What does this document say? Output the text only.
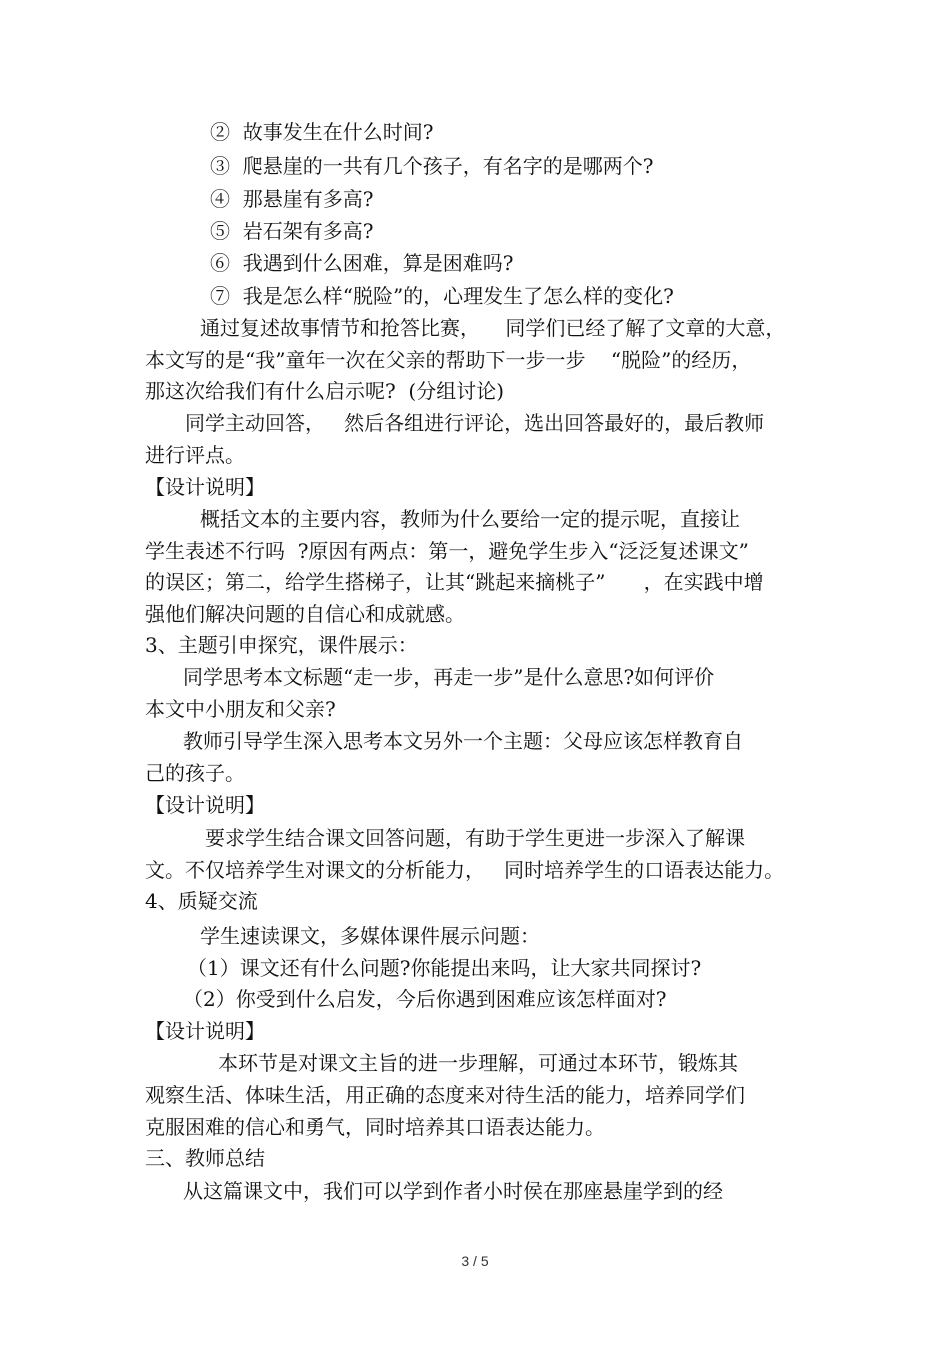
②  故事发生在什么时间?
③  爬悬崖的一共有几个孩子，有名字的是哪两个?
④  那悬崖有多高?
⑤  岩石架有多高?
⑥  我遇到什么困难，算是困难吗?
⑦  我是怎么样“脱险”的，心理发生了怎么样的变化?
通过复述故事情节和抢答比赛，    同学们已经了解了文章的大意，
本文写的是“我”童年一次在父亲的帮助下一步一步    “脱险”的经历，
那这次给我们有什么启示呢?  (分组讨论)
同学主动回答，   然后各组进行评论，选出回答最好的，最后教师
进行评点。
【设计说明】
概括文本的主要内容，教师为什么要给一定的提示呢，直接让
学生表述不行吗  ?原因有两点：第一，避免学生步入“泛泛复述课文”
的误区；第二，给学生搭梯子，让其“跳起来摘桃子”      ，在实践中增
强他们解决问题的自信心和成就感。
3、主题引申探究，课件展示：
同学思考本文标题“走一步，再走一步”是什么意思?如何评价
本文中小朋友和父亲?
教师引导学生深入思考本文另外一个主题：父母应该怎样教育自
己的孩子。
【设计说明】
要求学生结合课文回答问题，有助于学生更进一步深入了解课
文。不仅培养学生对课文的分析能力，   同时培养学生的口语表达能力。
4、质疑交流
学生速读课文，多媒体课件展示问题：
（1）课文还有什么问题?你能提出来吗，让大家共同探讨?
（2）你受到什么启发，今后你遇到困难应该怎样面对?
【设计说明】
本环节是对课文主旨的进一步理解，可通过本环节，锻炼其
观察生活、体味生活，用正确的态度来对待生活的能力，培养同学们
克服困难的信心和勇气，同时培养其口语表达能力。
三、教师总结
从这篇课文中，我们可以学到作者小时侯在那座悬崖学到的经
3 / 5
